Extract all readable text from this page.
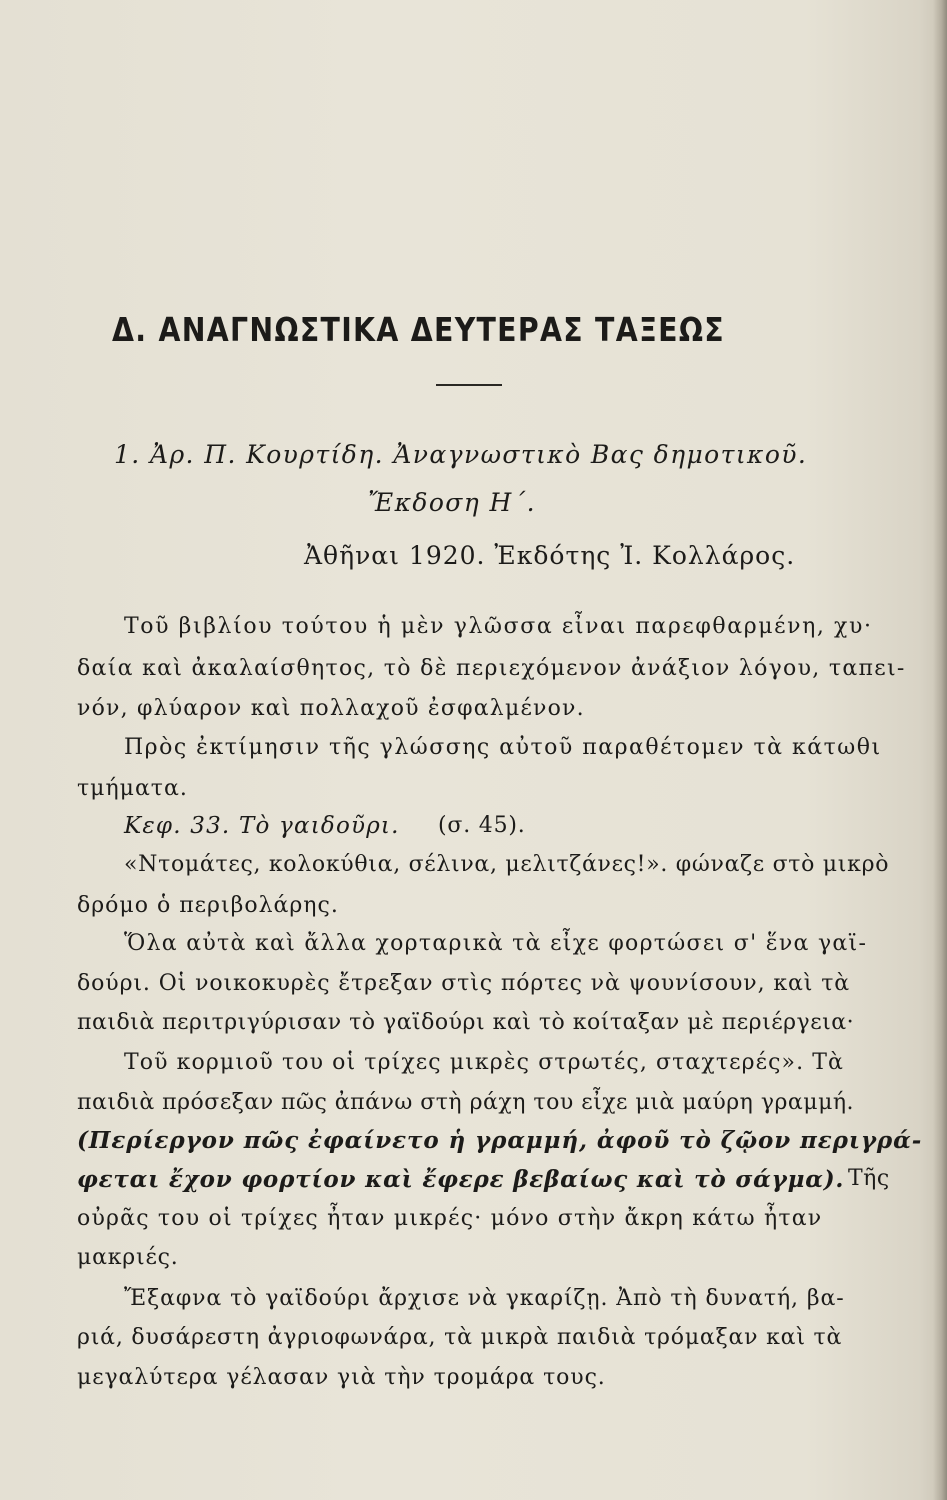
Δ. ΑΝΑΓΝΩΣΤΙΚΑ ΔΕΥΤΕΡΑΣ ΤΑΞΕΩΣ
1. Ἀρ. Π. Κουρτίδη. Ἀναγνωστικὸ Βας δημοτικοῦ.
Ἔκδοση Η΄.
Ἀθῆναι 1920. Ἐκδότης Ἰ. Κολλάρος.
Τοῦ βιβλίου τούτου ἡ μὲν γλῶσσα εἶναι παρεφθαρμένη, χυ·
δαία καὶ ἀκαλαίσθητος, τὸ δὲ περιεχόμενον ἀνάξιον λόγου, ταπει-
νόν, φλύαρον καὶ πολλαχοῦ ἐσφαλμένον.
Πρὸς ἐκτίμησιν τῆς γλώσσης αὐτοῦ παραθέτομεν τὰ κάτωθι
τμήματα.
Κεφ. 33. Τὸ γαιδοῦρι. (σ. 45).
«Ντομάτες, κολοκύθια, σέλινα, μελιτζάνες!». φώναζε στὸ μικρὸ
δρόμο ὁ περιβολάρης.
Ὅλα αὐτὰ καὶ ἄλλα χορταρικὰ τὰ εἶχε φορτώσει σ' ἕνα γαϊ-
δούρι. Οἱ νοικοκυρὲς ἔτρεξαν στὶς πόρτες νὰ ψουνίσουν, καὶ τὰ
παιδιὰ περιτριγύρισαν τὸ γαϊδούρι καὶ τὸ κοίταξαν μὲ περιέργεια·
Τοῦ κορμιοῦ του οἱ τρίχες μικρὲς στρωτές, σταχτερές». Τὰ
παιδιὰ πρόσεξαν πῶς ἀπάνω στὴ ράχη του εἶχε μιὰ μαύρη γραμμή.
(Περίεργον πῶς ἐφαίνετο ἡ γραμμή, ἀφοῦ τὸ ζῷον περιγρά-
φεται ἔχον φορτίον καὶ ἔφερε βεβαίως καὶ τὸ σάγμα). Τῆς
οὐρᾶς του οἱ τρίχες ἦταν μικρές· μόνο στὴν ἄκρη κάτω ἦταν
μακριές.
Ἔξαφνα τὸ γαϊδούρι ἄρχισε νὰ γκαρίζῃ. Ἀπὸ τὴ δυνατή, βα-
ριά, δυσάρεστη ἀγριοφωνάρα, τὰ μικρὰ παιδιὰ τρόμαξαν καὶ τὰ
μεγαλύτερα γέλασαν γιὰ τὴν τρομάρα τους.
